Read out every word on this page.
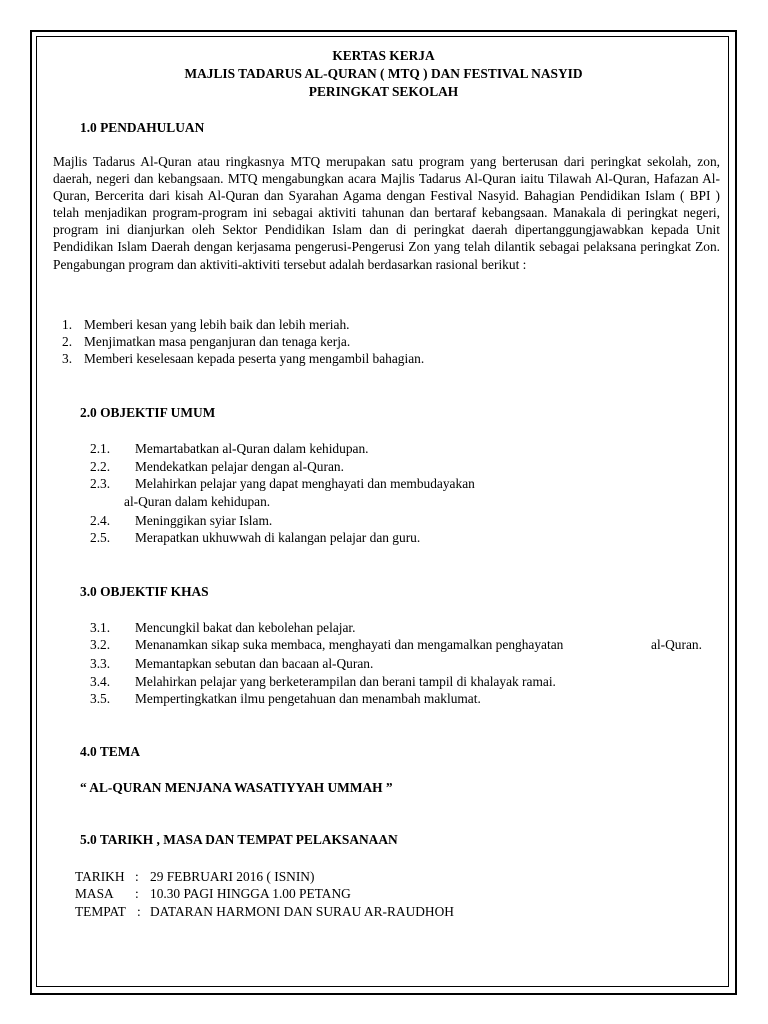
KERTAS KERJA
MAJLIS TADARUS AL-QURAN ( MTQ ) DAN FESTIVAL NASYID
PERINGKAT SEKOLAH
1.0 PENDAHULUAN
Majlis Tadarus Al-Quran atau ringkasnya MTQ merupakan satu program yang berterusan dari peringkat sekolah, zon, daerah, negeri dan kebangsaan. MTQ mengabungkan acara Majlis Tadarus Al-Quran iaitu Tilawah Al-Quran, Hafazan Al-Quran, Bercerita dari kisah Al-Quran dan Syarahan Agama dengan Festival Nasyid. Bahagian Pendidikan Islam ( BPI ) telah menjadikan program-program ini sebagai aktiviti tahunan dan bertaraf kebangsaan. Manakala di peringkat negeri, program ini dianjurkan oleh Sektor Pendidikan Islam dan di peringkat daerah dipertanggungjawabkan kepada Unit Pendidikan Islam Daerah dengan kerjasama pengerusi-Pengerusi Zon yang telah dilantik sebagai pelaksana peringkat Zon. Pengabungan program dan aktiviti-aktiviti tersebut adalah berdasarkan rasional berikut :
1. Memberi kesan yang lebih baik dan lebih meriah.
2. Menjimatkan masa penganjuran dan tenaga kerja.
3. Memberi keselesaan kepada peserta yang mengambil bahagian.
2.0 OBJEKTIF UMUM
2.1. Memartabatkan al-Quran dalam kehidupan.
2.2. Mendekatkan pelajar dengan al-Quran.
2.3. Melahirkan pelajar yang dapat menghayati dan membudayakan
al-Quran dalam kehidupan.
2.4. Meninggikan syiar Islam.
2.5. Merapatkan ukhuwwah di kalangan pelajar dan guru.
3.0 OBJEKTIF KHAS
3.1. Mencungkil bakat dan kebolehan pelajar.
3.2. Menanamkan sikap suka membaca, menghayati dan mengamalkan penghayatan	al-Quran.
3.3. Memantapkan sebutan dan bacaan al-Quran.
3.4. Melahirkan pelajar yang berketerampilan dan berani tampil di khalayak ramai.
3.5. Mempertingkatkan ilmu pengetahuan dan menambah maklumat.
4.0 TEMA
“ AL-QURAN MENJANA WASATIYYAH UMMAH ”
5.0 TARIKH , MASA DAN TEMPAT PELAKSANAAN
TARIKH : 29 FEBRUARI 2016 ( ISNIN)
MASA : 10.30 PAGI HINGGA 1.00 PETANG
TEMPAT : DATARAN HARMONI DAN SURAU AR-RAUDHOH
